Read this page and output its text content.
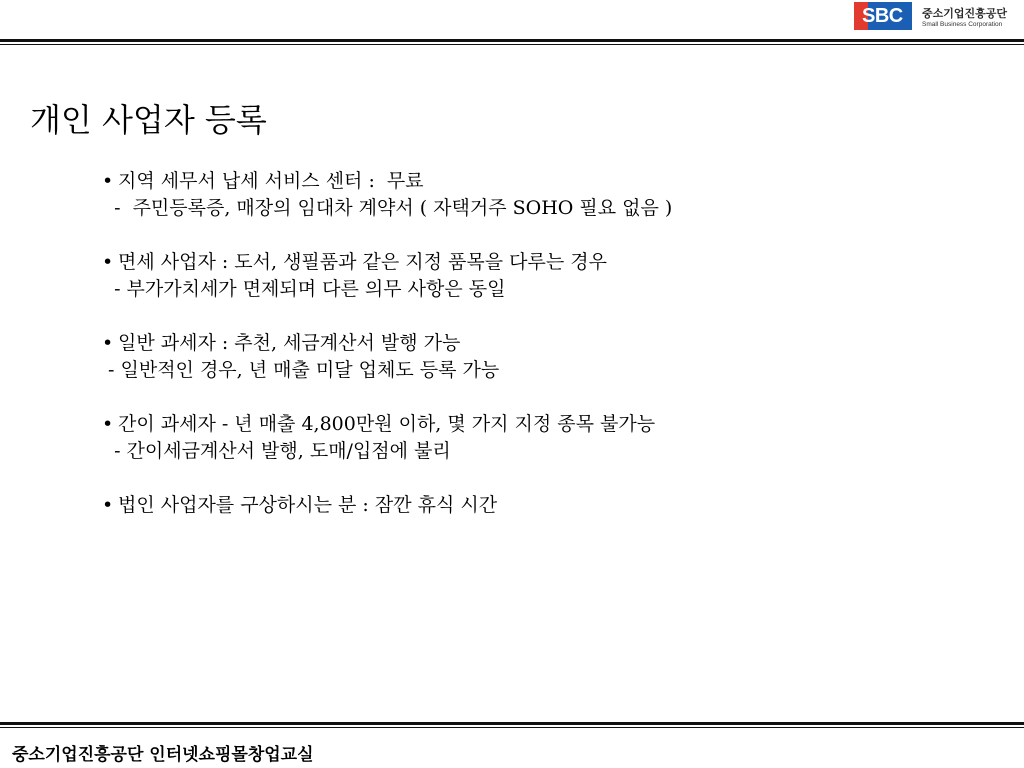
SBC 중소기업진흥공단
Small Business Corporation
개인 사업자 등록
• 지역 세무서 납세 서비스 센터 :  무료
-  주민등록증, 매장의 임대차 계약서 ( 자택거주 SOHO 필요 없음 )
• 면세 사업자 : 도서, 생필품과 같은 지정 품목을 다루는 경우
- 부가가치세가 면제되며 다른 의무 사항은 동일
• 일반 과세자 : 추천, 세금계산서 발행 가능
- 일반적인 경우, 년 매출 미달 업체도 등록 가능
• 간이 과세자 - 년 매출 4,800만원 이하, 몇 가지 지정 종목 불가능
- 간이세금계산서 발행, 도매/입점에 불리
• 법인 사업자를 구상하시는 분 : 잠깐 휴식 시간
중소기업진흥공단 인터넷쇼핑몰창업교실
